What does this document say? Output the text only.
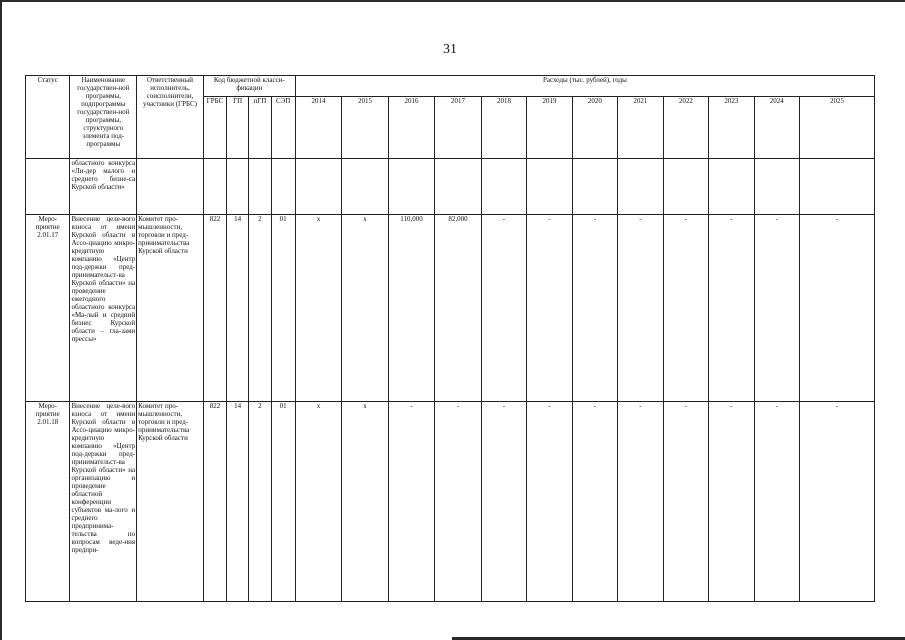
31
Статус	Наименование государствен-ной программы, подпрограммы государствен-ной программы, структурного элемента под-программы	Ответственный исполнитель, соисполнители, участники (ГРБС)	Код бюджетной класси-фикации				Расходы (тыс. рублей), годы											
			ГРБС	ГП	пГП	СЭП	2014	2015	2016	2017	2018	2019	2020	2021	2022	2023	2024	2025
	областного конкурса «Ли-дер малого и среднего бизне-са Курской области»																	
Меро-приятие 2.01.17	Внесение целе-вого взноса от имени Курской области в Ассо-циацию микро-кредитную компанию «Центр под-держки пред-принимательст-ва Курской области» на проведение ежегодного областного конкурса «Ма-лый и средний бизнес Курской области – гла-зами прессы»	Комитет про-мышленности, торговли и пред-принимательства Курской области	822	14	2	01	х	х	110,000	82,000	-	-	-	-	-	-	-	-
Меро-приятие 2.01.18	Внесение целе-вого взноса от имени Курской области в Ассо-циацию микро-кредитную компанию «Центр под-держки пред-принимательст-ва Курской области» на организацию и проведение областной конференции субъектов ма-лого и среднего предпринима-тельства по вопросам веде-ния предпри-	Комитет про-мышленности, торговли и пред-принимательства Курской области	822	14	2	01	х	х	-	-	-	-	-	-	-	-	-	-
